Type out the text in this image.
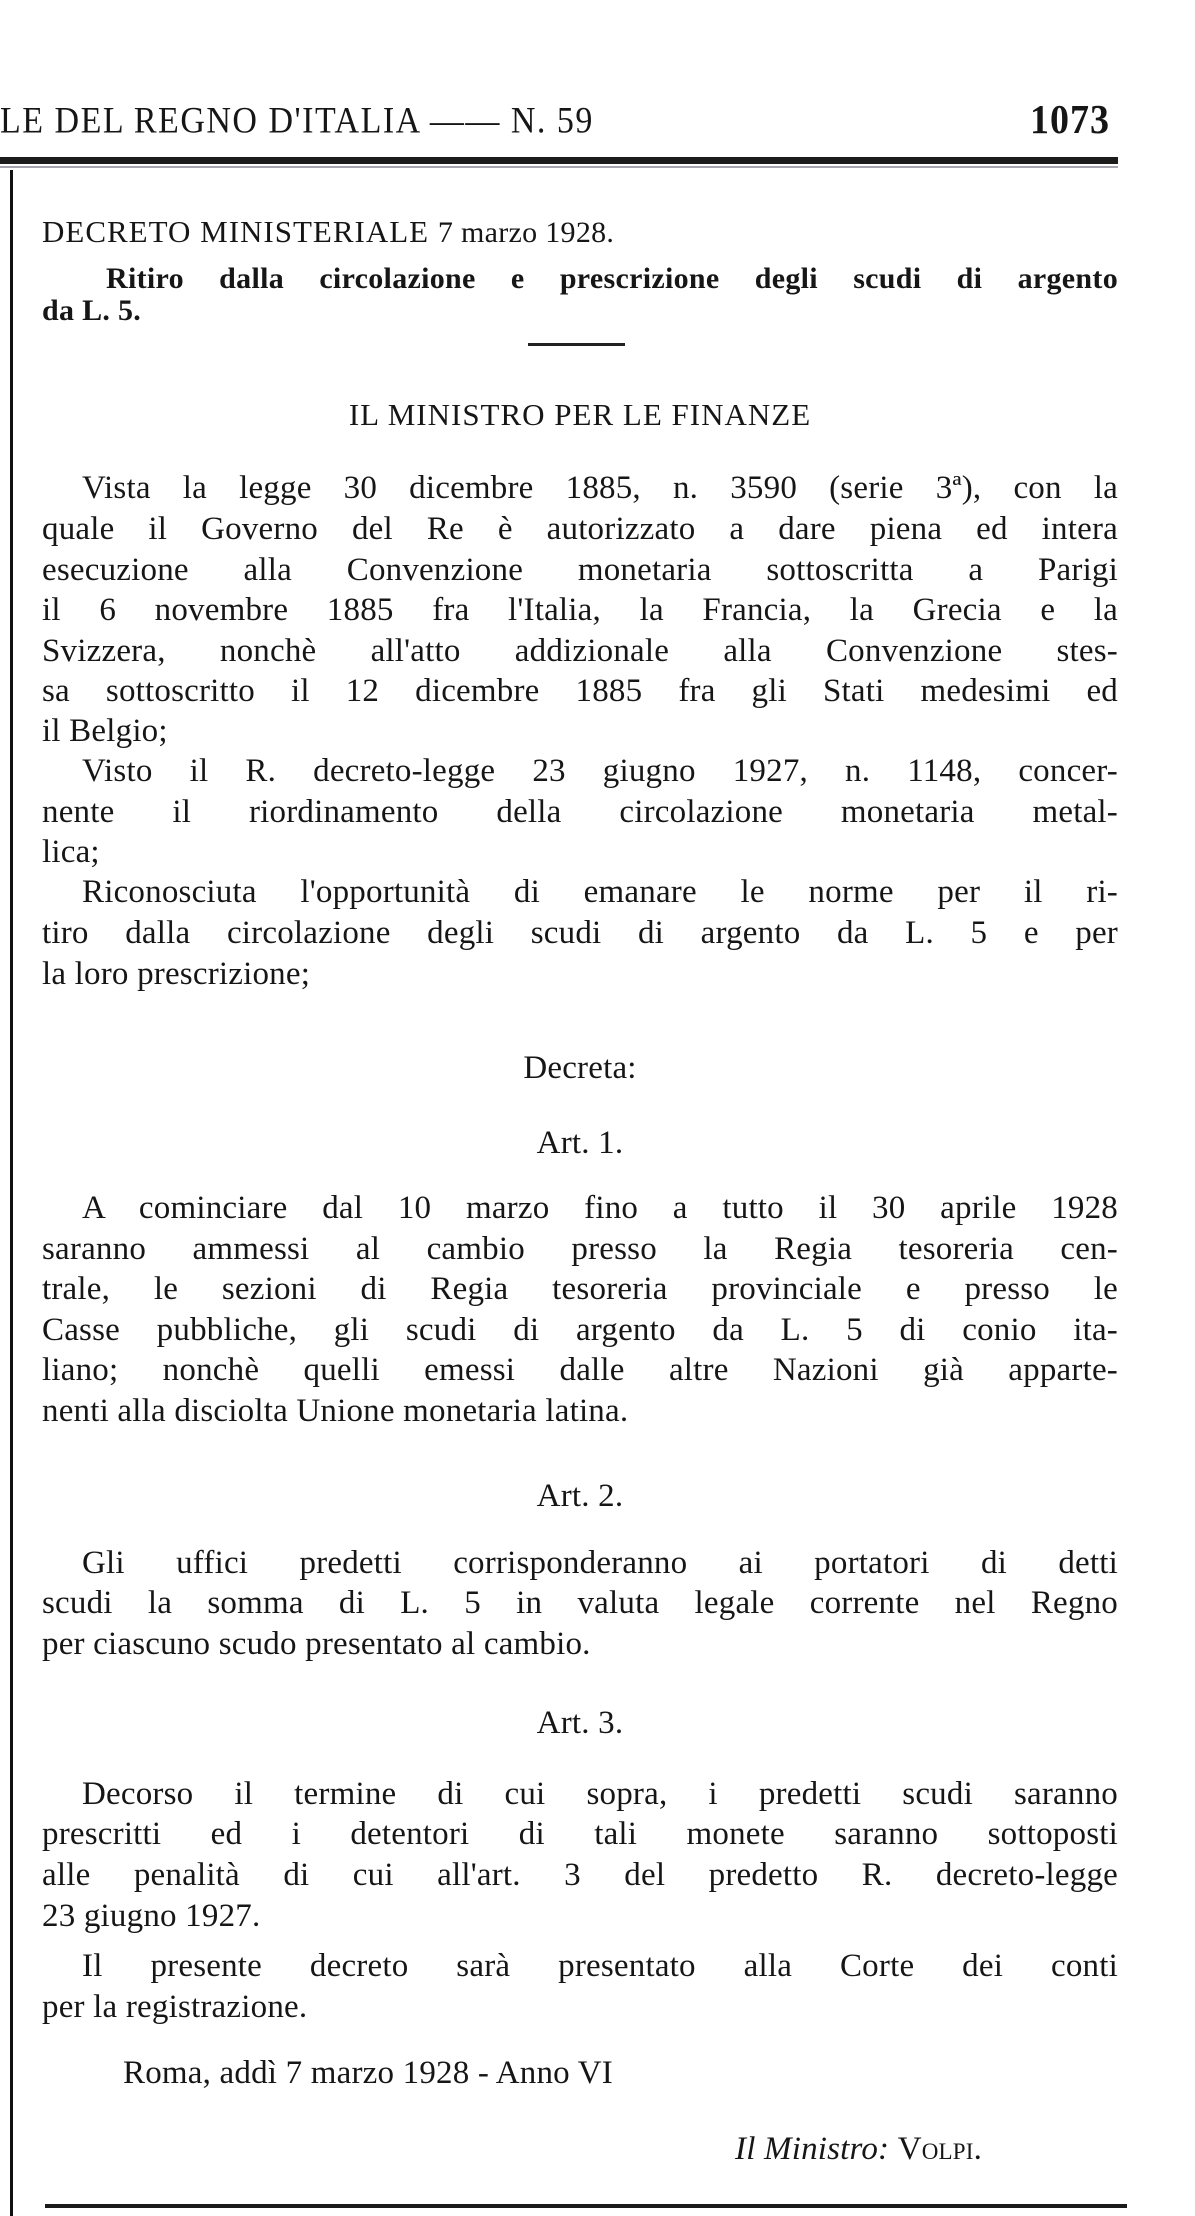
LE DEL REGNO D'ITALIA —— N. 59	1073
DECRETO MINISTERIALE 7 marzo 1928.
Ritiro dalla circolazione e prescrizione degli scudi di argento
da L. 5.
IL MINISTRO PER LE FINANZE
Vista la legge 30 dicembre 1885, n. 3590 (serie 3ª), con la
quale il Governo del Re è autorizzato a dare piena ed intera
esecuzione alla Convenzione monetaria sottoscritta a Parigi
il 6 novembre 1885 fra l'Italia, la Francia, la Grecia e la
Svizzera, nonchè all'atto addizionale alla Convenzione stes-
sa sottoscritto il 12 dicembre 1885 fra gli Stati medesimi ed
il Belgio;
Visto il R. decreto-legge 23 giugno 1927, n. 1148, concer-
nente il riordinamento della circolazione monetaria metal-
lica;
Riconosciuta l'opportunità di emanare le norme per il ri-
tiro dalla circolazione degli scudi di argento da L. 5 e per
la loro prescrizione;
Decreta:
Art. 1.
A cominciare dal 10 marzo fino a tutto il 30 aprile 1928
saranno ammessi al cambio presso la Regia tesoreria cen-
trale, le sezioni di Regia tesoreria provinciale e presso le
Casse pubbliche, gli scudi di argento da L. 5 di conio ita-
liano; nonchè quelli emessi dalle altre Nazioni già apparte-
nenti alla disciolta Unione monetaria latina.
Art. 2.
Gli uffici predetti corrisponderanno ai portatori di detti
scudi la somma di L. 5 in valuta legale corrente nel Regno
per ciascuno scudo presentato al cambio.
Art. 3.
Decorso il termine di cui sopra, i predetti scudi saranno
prescritti ed i detentori di tali monete saranno sottoposti
alle penalità di cui all'art. 3 del predetto R. decreto-legge
23 giugno 1927.
Il presente decreto sarà presentato alla Corte dei conti
per la registrazione.
Roma, addì 7 marzo 1928 - Anno VI
Il Ministro: Volpi.
